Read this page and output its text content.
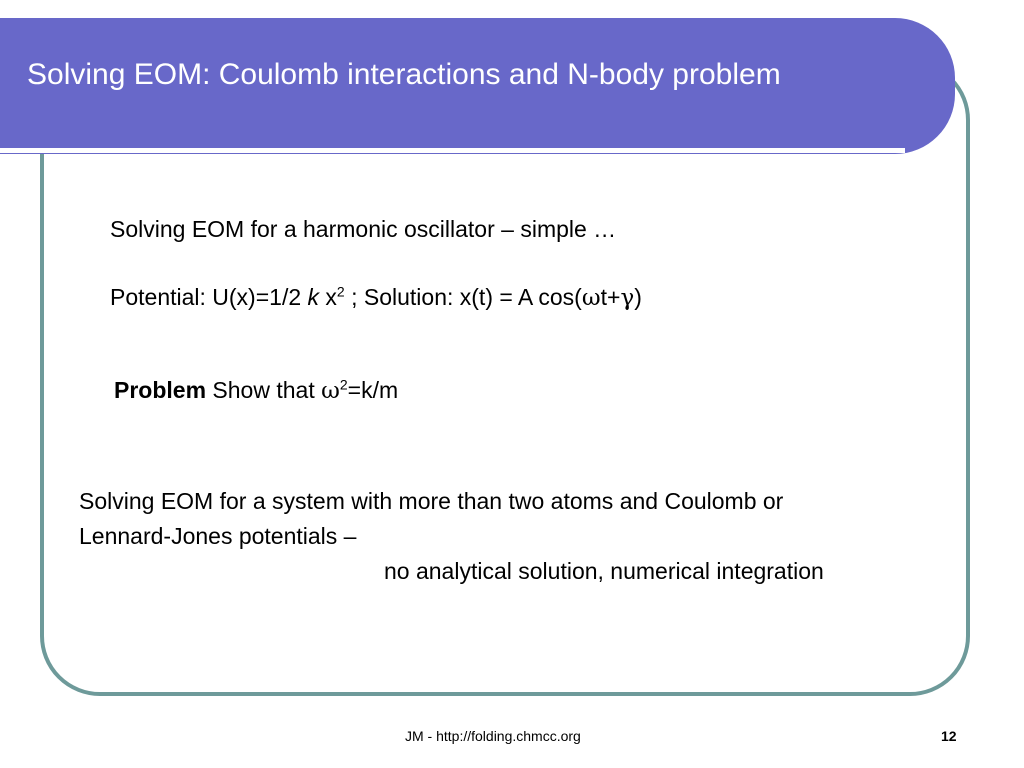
Solving EOM: Coulomb interactions and N-body problem
Solving EOM for a harmonic oscillator – simple …
Potential: U(x)=1/2 k $x^2$ ; Solution: x(t) = A cos(ωt+γ)
Problem Show that $\omega^2=k/m$
Solving EOM for a system with more than two atoms and Coulomb or
Lennard-Jones potentials –
no analytical solution, numerical integration
JM - http://folding.chmcc.org	12
